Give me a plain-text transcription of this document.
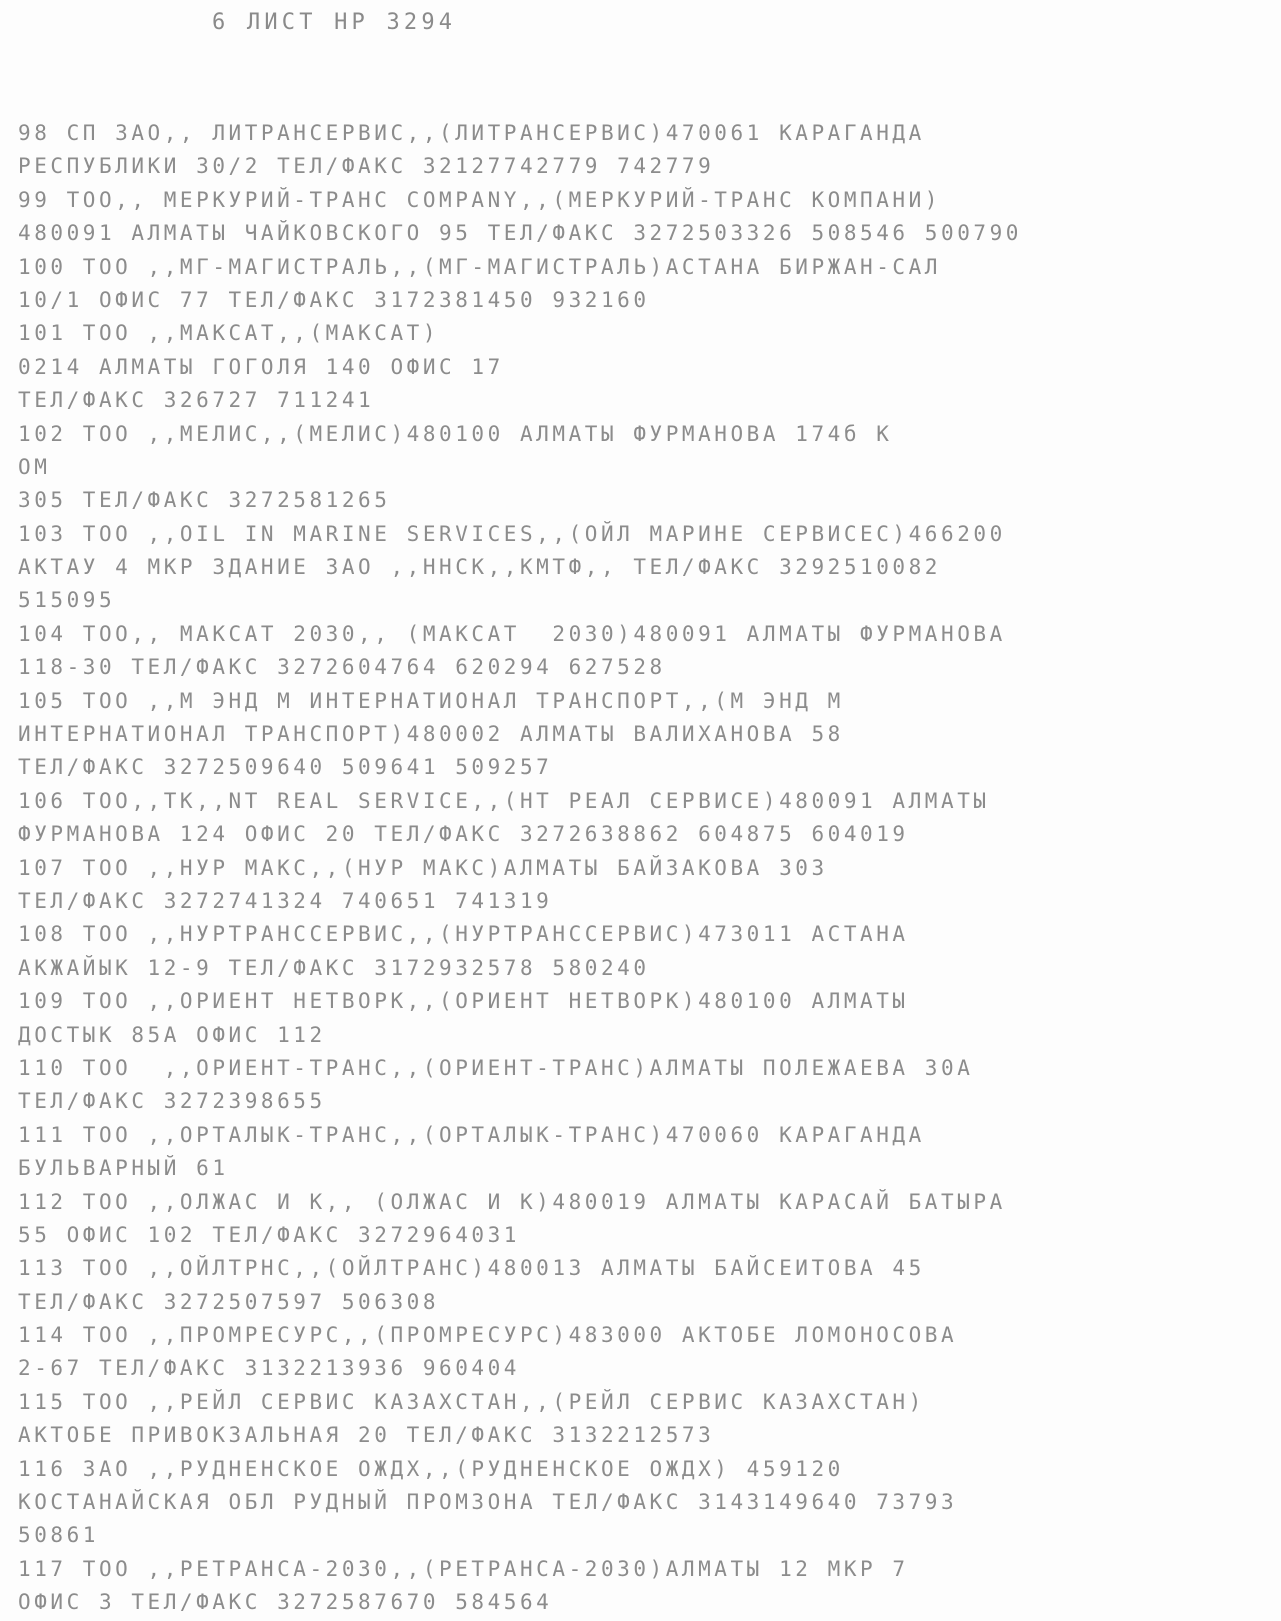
6 ЛИСТ НР 3294
98 СП ЗАО,, ЛИТРАНСЕРВИС,,(ЛИТРАНСЕРВИС)470061 КАРАГАНДА
РЕСПУБЛИКИ 30/2 ТЕЛ/ФАКС 32127742779 742779
99 ТОО,, МЕРКУРИЙ-ТРАНС COMPANY,,(МЕРКУРИЙ-ТРАНС КОМПАНИ)
480091 АЛМАТЫ ЧАЙКОВСКОГО 95 ТЕЛ/ФАКС 3272503326 508546 500790
100 ТОО ,,МГ-МАГИСТРАЛЬ,,(МГ-МАГИСТРАЛЬ)АСТАНА БИРЖАН-САЛ
10/1 ОФИС 77 ТЕЛ/ФАКС 3172381450 932160
101 ТОО ,,МАКСАТ,,(МАКСАТ)
0214 АЛМАТЫ ГОГОЛЯ 140 ОФИС 17
ТЕЛ/ФАКС 326727 711241
102 ТОО ,,МЕЛИС,,(МЕЛИС)480100 АЛМАТЫ ФУРМАНОВА 174б К
ОМ
305 ТЕЛ/ФАКС 3272581265
103 ТОО ,,OIL IN MARINE SERVICES,,(ОЙЛ МАРИНЕ СЕРВИСЕС)466200
АКТАУ 4 МКР ЗДАНИЕ ЗАО ,,ННСК,,КМТФ,, ТЕЛ/ФАКС 3292510082
515095
104 ТОО,, МАКСАТ 2030,, (МАКСАТ  2030)480091 АЛМАТЫ ФУРМАНОВА
118-30 ТЕЛ/ФАКС 3272604764 620294 627528
105 ТОО ,,М ЭНД М ИНТЕРНАТИОНАЛ ТРАНСПОРТ,,(М ЭНД М
ИНТЕРНАТИОНАЛ ТРАНСПОРТ)480002 АЛМАТЫ ВАЛИХАНОВА 58
ТЕЛ/ФАКС 3272509640 509641 509257
106 ТОО,,ТК,,NT REAL SERVICE,,(НТ РЕАЛ СЕРВИСЕ)480091 АЛМАТЫ
ФУРМАНОВА 124 ОФИС 20 ТЕЛ/ФАКС 3272638862 604875 604019
107 ТОО ,,НУР МАКС,,(НУР МАКС)АЛМАТЫ БАЙЗАКОВА 303
ТЕЛ/ФАКС 3272741324 740651 741319
108 ТОО ,,НУРТРАНССЕРВИС,,(НУРТРАНССЕРВИС)473011 АСТАНА
АКЖАЙЫК 12-9 ТЕЛ/ФАКС 3172932578 580240
109 ТОО ,,ОРИЕНТ НЕТВОРК,,(ОРИЕНТ НЕТВОРК)480100 АЛМАТЫ
ДОСТЫК 85А ОФИС 112
110 ТОО  ,,ОРИЕНТ-ТРАНС,,(ОРИЕНТ-ТРАНС)АЛМАТЫ ПОЛЕЖАЕВА 30А
ТЕЛ/ФАКС 3272398655
111 ТОО ,,ОРТАЛЫК-ТРАНС,,(ОРТАЛЫК-ТРАНС)470060 КАРАГАНДА
БУЛЬВАРНЫЙ 61
112 ТОО ,,ОЛЖАС И К,, (ОЛЖАС И К)480019 АЛМАТЫ КАРАСАЙ БАТЫРА
55 ОФИС 102 ТЕЛ/ФАКС 3272964031
113 ТОО ,,ОЙЛТРНС,,(ОЙЛТРАНС)480013 АЛМАТЫ БАЙСЕИТОВА 45
ТЕЛ/ФАКС 3272507597 506308
114 ТОО ,,ПРОМРЕСУРС,,(ПРОМРЕСУРС)483000 АКТОБЕ ЛОМОНОСОВА
2-67 ТЕЛ/ФАКС 3132213936 960404
115 ТОО ,,РЕЙЛ СЕРВИС КАЗАХСТАН,,(РЕЙЛ СЕРВИС КАЗАХСТАН)
АКТОБЕ ПРИВОКЗАЛЬНАЯ 20 ТЕЛ/ФАКС 3132212573
116 ЗАО ,,РУДНЕНСКОЕ ОЖДХ,,(РУДНЕНСКОЕ ОЖДХ) 459120
КОСТАНАЙСКАЯ ОБЛ РУДНЫЙ ПРОМЗОНА ТЕЛ/ФАКС 3143149640 73793
50861
117 ТОО ,,РЕТРАНСА-2030,,(РЕТРАНСА-2030)АЛМАТЫ 12 МКР 7
ОФИС 3 ТЕЛ/ФАКС 3272587670 584564
